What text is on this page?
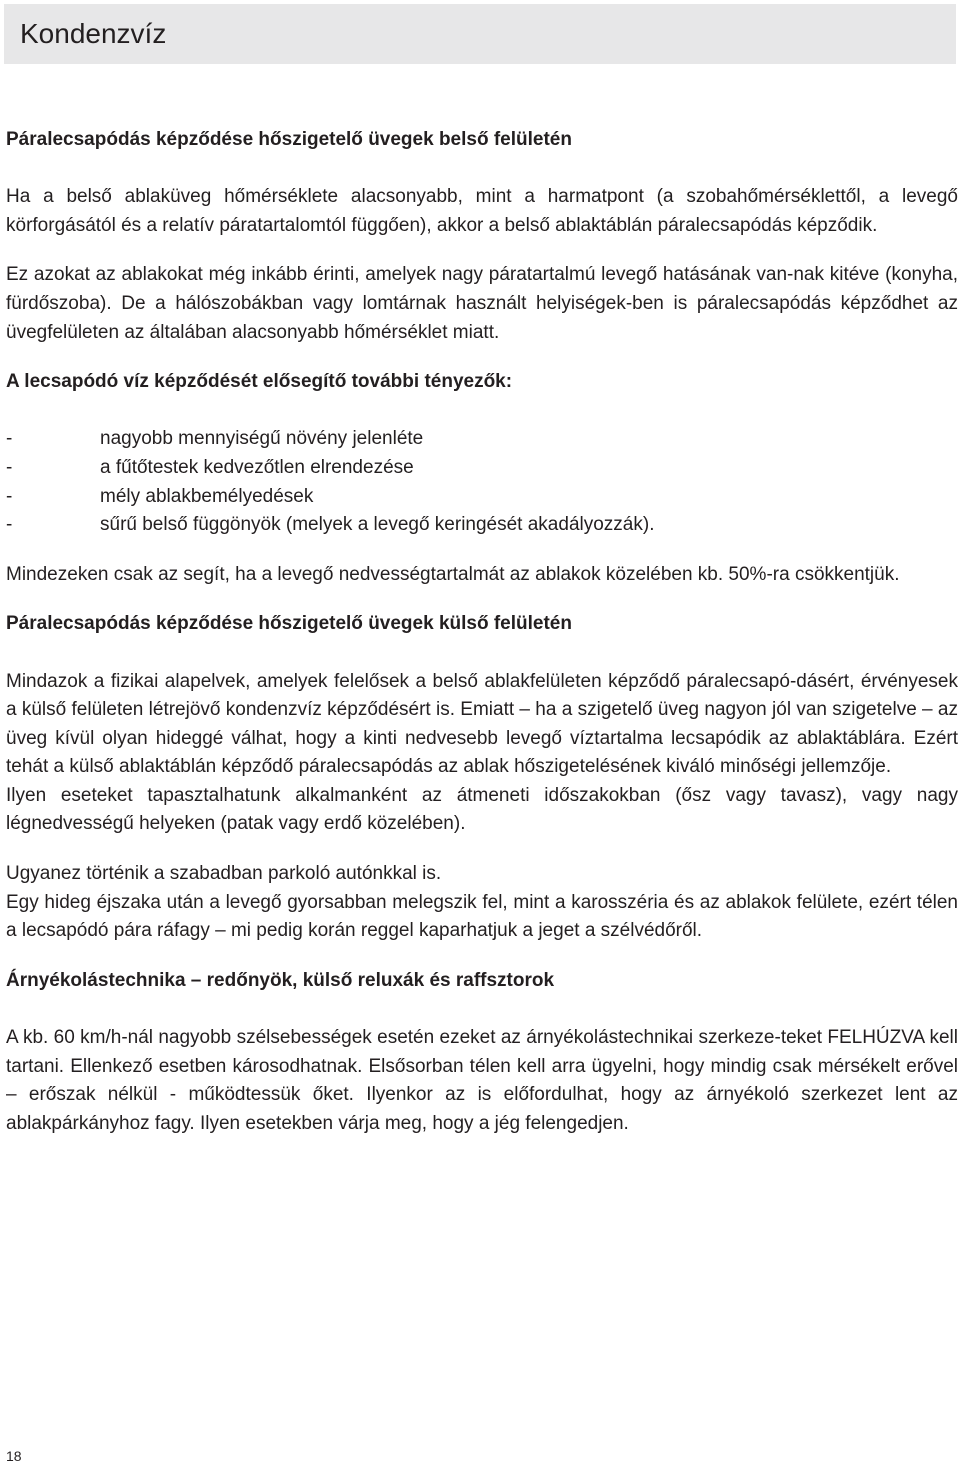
Kondenzvíz
Páralecsapódás képződése hőszigetelő üvegek belső felületén

Ha a belső ablaküveg hőmérséklete alacsonyabb, mint a harmatpont (a szobahőmérséklettől, a levegő körforgásától és a relatív páratartalomtól függően), akkor a belső ablaktáblán páralecsapódás képződik.

Ez azokat az ablakokat még inkább érinti, amelyek nagy páratartalmú levegő hatásának van-nak kitéve (konyha, fürdőszoba). De a hálószobákban vagy lomtárnak használt helyiségek-ben is páralecsapódás képződhet az üvegfelületen az általában alacsonyabb hőmérséklet miatt.

A lecsapódó víz képződését elősegítő további tényezők:
-	nagyobb mennyiségű növény jelenléte
-	a fűtőtestek kedvezőtlen elrendezése
-	mély ablakbemélyedések
-	sűrű belső függönyök (melyek a levegő keringését akadályozzák).

Mindezeken csak az segít, ha a levegő nedvességtartalmát az ablakok közelében kb. 50%-ra csökkentjük.

Páralecsapódás képződése hőszigetelő üvegek külső felületén

Mindazok a fizikai alapelvek, amelyek felelősek a belső ablakfelületen képződő páralecsapó-dásért, érvényesek a külső felületen létrejövő kondenzvíz képződésért is. Emiatt – ha a szigetelő üveg nagyon jól van szigetelve – az üveg kívül olyan hideggé válhat, hogy a kinti nedvesebb levegő víztartalma lecsapódik az ablaktáblára. Ezért tehát a külső ablaktáblán képződő páralecsapódás az ablak hőszigetelésének kiváló minőségi jellemzője.

Ilyen eseteket tapasztalhatunk alkalmanként az átmeneti időszakokban (ősz vagy tavasz), vagy nagy légnedvességű helyeken (patak vagy erdő közelében).

Ugyanez történik a szabadban parkoló autónkkal is.

Egy hideg éjszaka után a levegő gyorsabban melegszik fel, mint a karosszéria és az ablakok felülete, ezért télen a lecsapódó pára ráfagy – mi pedig korán reggel kaparhatjuk a jeget a szélvédőről.

Árnyékolástechnika – redőnyök, külső reluxák és raffsztorok

A kb. 60 km/h-nál nagyobb szélsebességek esetén ezeket az árnyékolástechnikai szerkeze-teket FELHÚZVA kell tartani. Ellenkező esetben károsodhatnak. Elsősorban télen kell arra ügyelni, hogy mindig csak mérsékelt erővel – erőszak nélkül - működtessük őket. Ilyenkor az is előfordulhat, hogy az árnyékoló szerkezet lent az ablakpárkányhoz fagy. Ilyen esetekben várja meg, hogy a jég felengedjen.

18
